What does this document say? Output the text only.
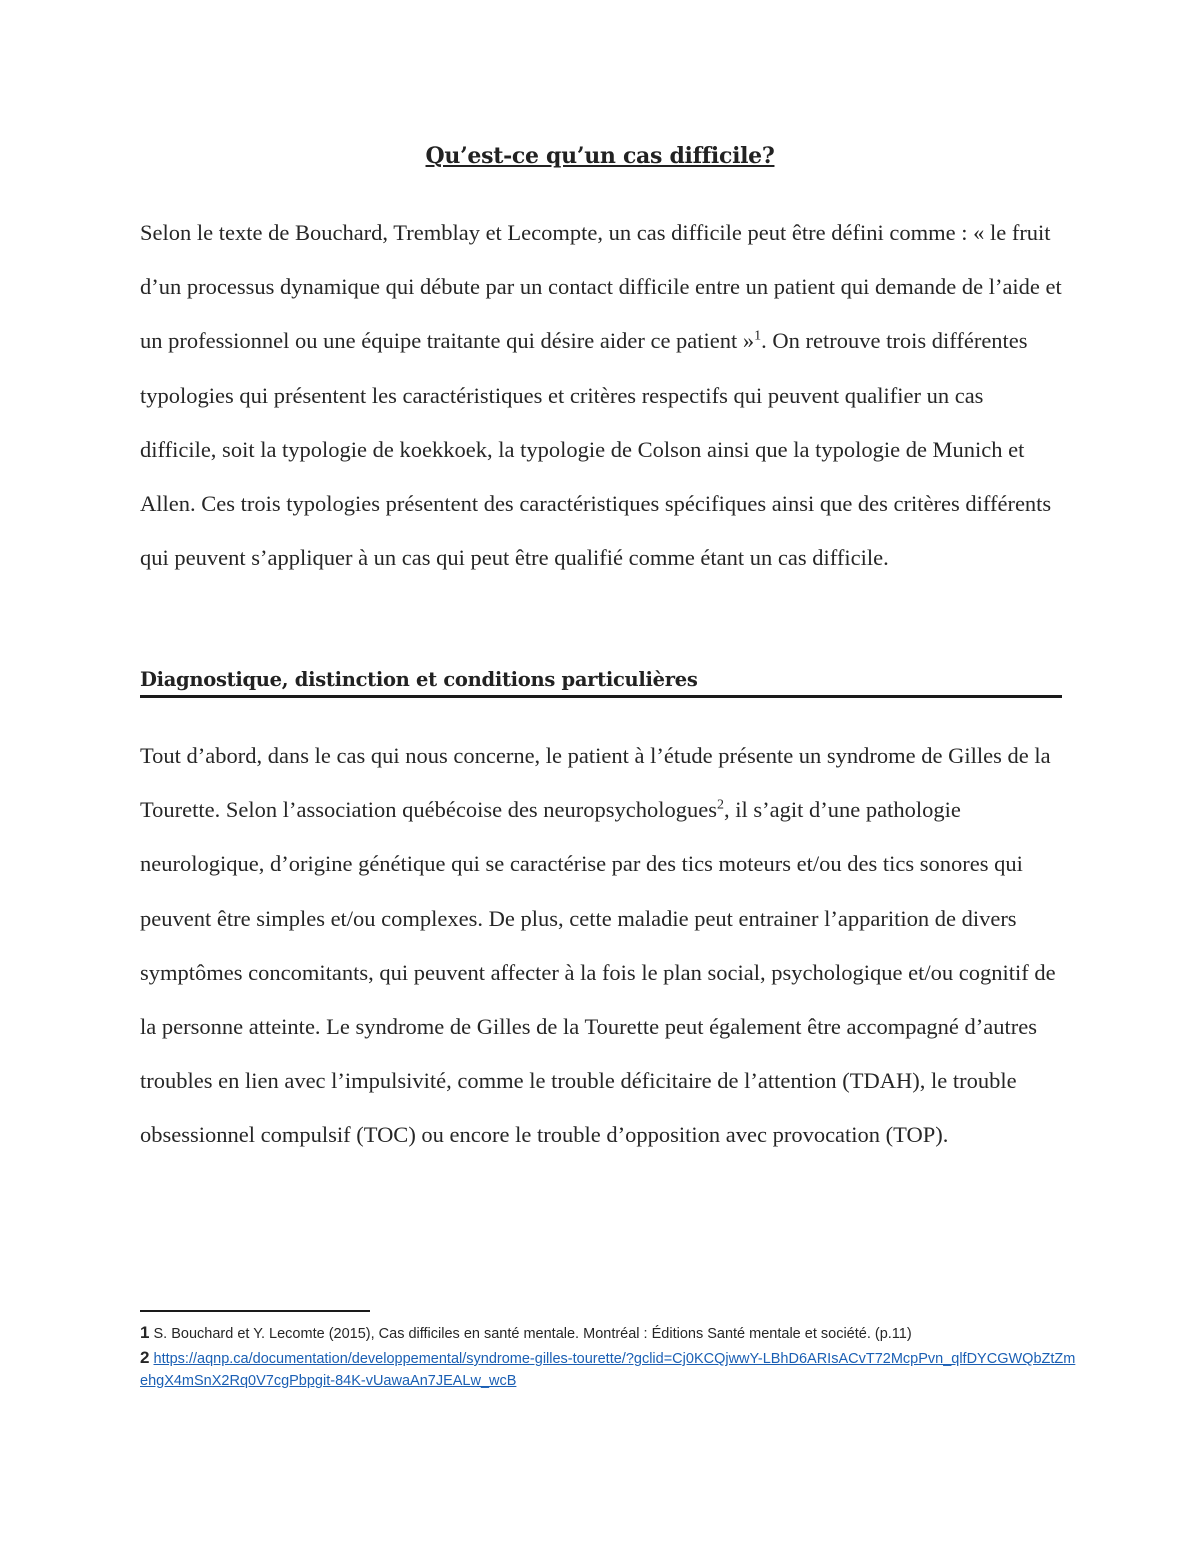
Qu’est-ce qu’un cas difficile?

Selon le texte de Bouchard, Tremblay et Lecompte, un cas difficile peut être défini comme : « le fruit d’un processus dynamique qui débute par un contact difficile entre un patient qui demande de l’aide et un professionnel ou une équipe traitante qui désire aider ce patient »$^1$. On retrouve trois différentes typologies qui présentent les caractéristiques et critères respectifs qui peuvent qualifier un cas difficile, soit la typologie de koekkoek, la typologie de Colson ainsi que la typologie de Munich et Allen. Ces trois typologies présentent des caractéristiques spécifiques ainsi que des critères différents qui peuvent s’appliquer à un cas qui peut être qualifié comme étant un cas difficile.

Diagnostique, distinction et conditions particulières

Tout d’abord, dans le cas qui nous concerne, le patient à l’étude présente un syndrome de Gilles de la Tourette. Selon l’association québécoise des neuropsychologues$^2$, il s’agit d’une pathologie neurologique, d’origine génétique qui se caractérise par des tics moteurs et/ou des tics sonores qui peuvent être simples et/ou complexes. De plus, cette maladie peut entrainer l’apparition de divers symptômes concomitants, qui peuvent affecter à la fois le plan social, psychologique et/ou cognitif de la personne atteinte. Le syndrome de Gilles de la Tourette peut également être accompagné d’autres troubles en lien avec l’impulsivité, comme le trouble déficitaire de l’attention (TDAH), le trouble obsessionnel compulsif (TOC) ou encore le trouble d’opposition avec provocation (TOP).

1 S. Bouchard et Y. Lecomte (2015), Cas difficiles en santé mentale. Montréal : Éditions Santé mentale et société. (p.11)

2 https://aqnp.ca/documentation/developpemental/syndrome-gilles-tourette/?gclid=Cj0KCQjwwY-LBhD6ARIsACvT72McpPvn_qlfDYCGWQbZtZmehgX4mSnX2Rq0V7cgPbpgit-84K-vUawaAn7JEALw_wcB
